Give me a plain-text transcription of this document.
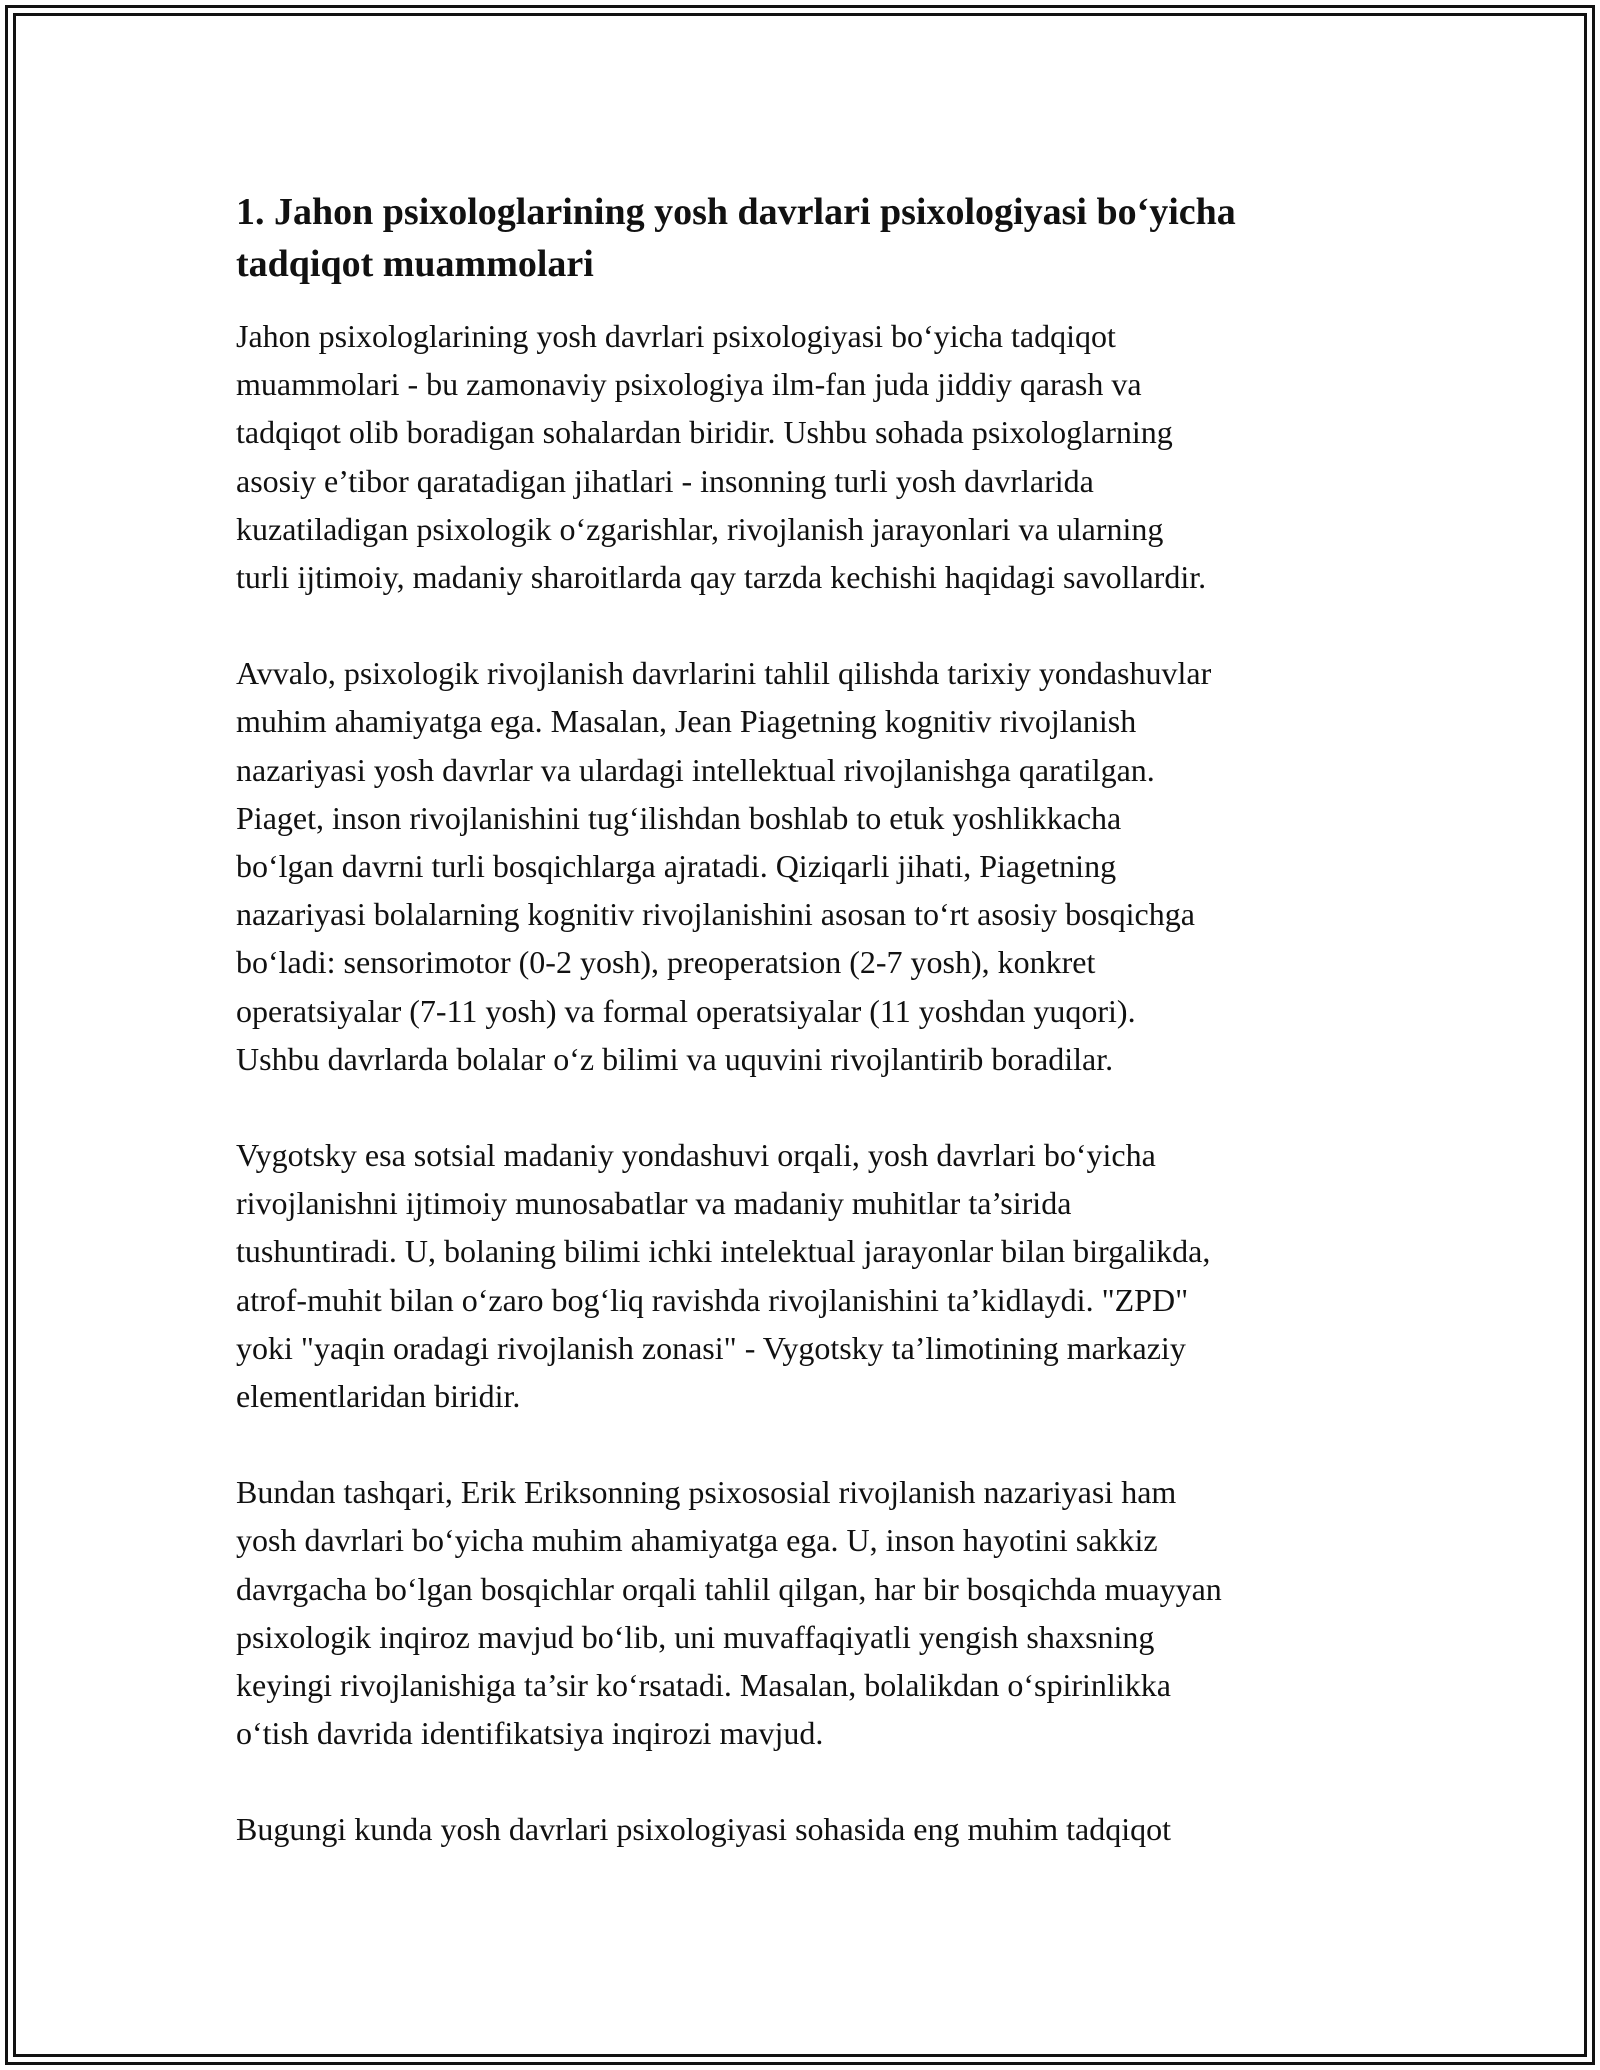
1. Jahon psixologlarining yosh davrlari psixologiyasi bo‘yicha
tadqiqot muammolari

Jahon psixologlarining yosh davrlari psixologiyasi bo‘yicha tadqiqot
muammolari - bu zamonaviy psixologiya ilm-fan juda jiddiy qarash va
tadqiqot olib boradigan sohalardan biridir. Ushbu sohada psixologlarning
asosiy e’tibor qaratadigan jihatlari - insonning turli yosh davrlarida
kuzatiladigan psixologik o‘zgarishlar, rivojlanish jarayonlari va ularning
turli ijtimoiy, madaniy sharoitlarda qay tarzda kechishi haqidagi savollardir.

Avvalo, psixologik rivojlanish davrlarini tahlil qilishda tarixiy yondashuvlar
muhim ahamiyatga ega. Masalan, Jean Piagetning kognitiv rivojlanish
nazariyasi yosh davrlar va ulardagi intellektual rivojlanishga qaratilgan.
Piaget, inson rivojlanishini tug‘ilishdan boshlab to etuk yoshlikkacha
bo‘lgan davrni turli bosqichlarga ajratadi. Qiziqarli jihati, Piagetning
nazariyasi bolalarning kognitiv rivojlanishini asosan to‘rt asosiy bosqichga
bo‘ladi: sensorimotor (0-2 yosh), preoperatsion (2-7 yosh), konkret
operatsiyalar (7-11 yosh) va formal operatsiyalar (11 yoshdan yuqori).
Ushbu davrlarda bolalar o‘z bilimi va uquvini rivojlantirib boradilar.

Vygotsky esa sotsial madaniy yondashuvi orqali, yosh davrlari bo‘yicha
rivojlanishni ijtimoiy munosabatlar va madaniy muhitlar ta’sirida
tushuntiradi. U, bolaning bilimi ichki intelektual jarayonlar bilan birgalikda,
atrof-muhit bilan o‘zaro bog‘liq ravishda rivojlanishini ta’kidlaydi. "ZPD"
yoki "yaqin oradagi rivojlanish zonasi" - Vygotsky ta’limotining markaziy
elementlaridan biridir.

Bundan tashqari, Erik Eriksonning psixososial rivojlanish nazariyasi ham
yosh davrlari bo‘yicha muhim ahamiyatga ega. U, inson hayotini sakkiz
davrgacha bo‘lgan bosqichlar orqali tahlil qilgan, har bir bosqichda muayyan
psixologik inqiroz mavjud bo‘lib, uni muvaffaqiyatli yengish shaxsning
keyingi rivojlanishiga ta’sir ko‘rsatadi. Masalan, bolalikdan o‘spirinlikka
o‘tish davrida identifikatsiya inqirozi mavjud.

Bugungi kunda yosh davrlari psixologiyasi sohasida eng muhim tadqiqot
